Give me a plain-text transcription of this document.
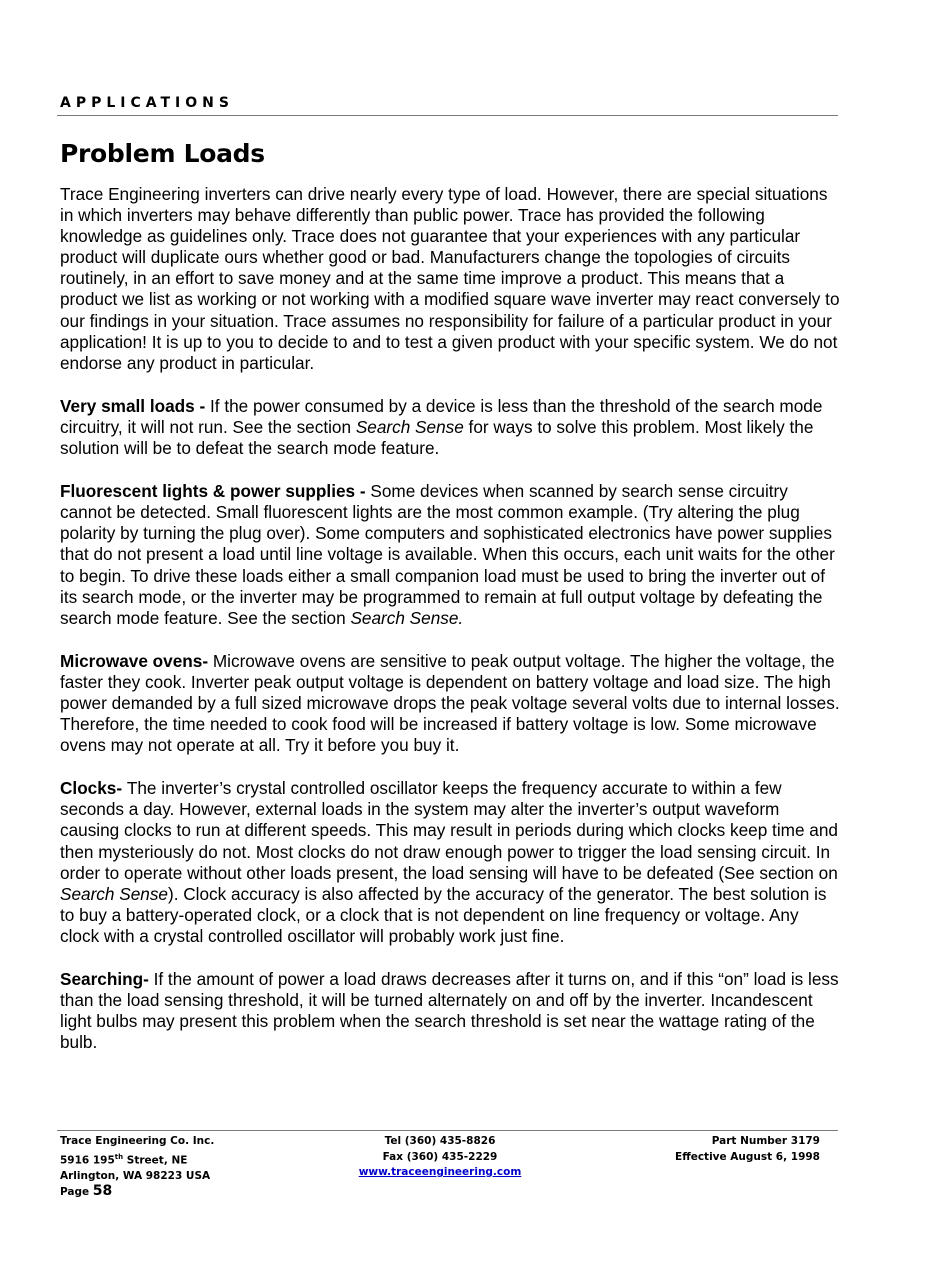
APPLICATIONS
Problem Loads

Trace Engineering inverters can drive nearly every type of load. However, there are special situations in which inverters may behave differently than public power. Trace has provided the following knowledge as guidelines only. Trace does not guarantee that your experiences with any particular product will duplicate ours whether good or bad. Manufacturers change the topologies of circuits routinely, in an effort to save money and at the same time improve a product. This means that a product we list as working or not working with a modified square wave inverter may react conversely to our findings in your situation. Trace assumes no responsibility for failure of a particular product in your application! It is up to you to decide to and to test a given product with your specific system. We do not endorse any product in particular.

Very small loads - If the power consumed by a device is less than the threshold of the search mode circuitry, it will not run. See the section Search Sense for ways to solve this problem. Most likely the solution will be to defeat the search mode feature.

Fluorescent lights & power supplies - Some devices when scanned by search sense circuitry cannot be detected. Small fluorescent lights are the most common example. (Try altering the plug polarity by turning the plug over). Some computers and sophisticated electronics have power supplies that do not present a load until line voltage is available. When this occurs, each unit waits for the other to begin. To drive these loads either a small companion load must be used to bring the inverter out of its search mode, or the inverter may be programmed to remain at full output voltage by defeating the search mode feature. See the section Search Sense.

Microwave ovens- Microwave ovens are sensitive to peak output voltage. The higher the voltage, the faster they cook. Inverter peak output voltage is dependent on battery voltage and load size. The high power demanded by a full sized microwave drops the peak voltage several volts due to internal losses. Therefore, the time needed to cook food will be increased if battery voltage is low. Some microwave ovens may not operate at all. Try it before you buy it.

Clocks- The inverter’s crystal controlled oscillator keeps the frequency accurate to within a few seconds a day. However, external loads in the system may alter the inverter’s output waveform causing clocks to run at different speeds. This may result in periods during which clocks keep time and then mysteriously do not. Most clocks do not draw enough power to trigger the load sensing circuit. In order to operate without other loads present, the load sensing will have to be defeated (See section on Search Sense). Clock accuracy is also affected by the accuracy of the generator. The best solution is to buy a battery-operated clock, or a clock that is not dependent on line frequency or voltage. Any clock with a crystal controlled oscillator will probably work just fine.

Searching- If the amount of power a load draws decreases after it turns on, and if this “on” load is less than the load sensing threshold, it will be turned alternately on and off by the inverter. Incandescent light bulbs may present this problem when the search threshold is set near the wattage rating of the bulb.

Trace Engineering Co. Inc.
5916 195th Street, NE
Arlington, WA 98223 USA
Page 58
Tel (360) 435-8826
Fax (360) 435-2229
www.traceengineering.com
Part Number 3179
Effective August 6, 1998
